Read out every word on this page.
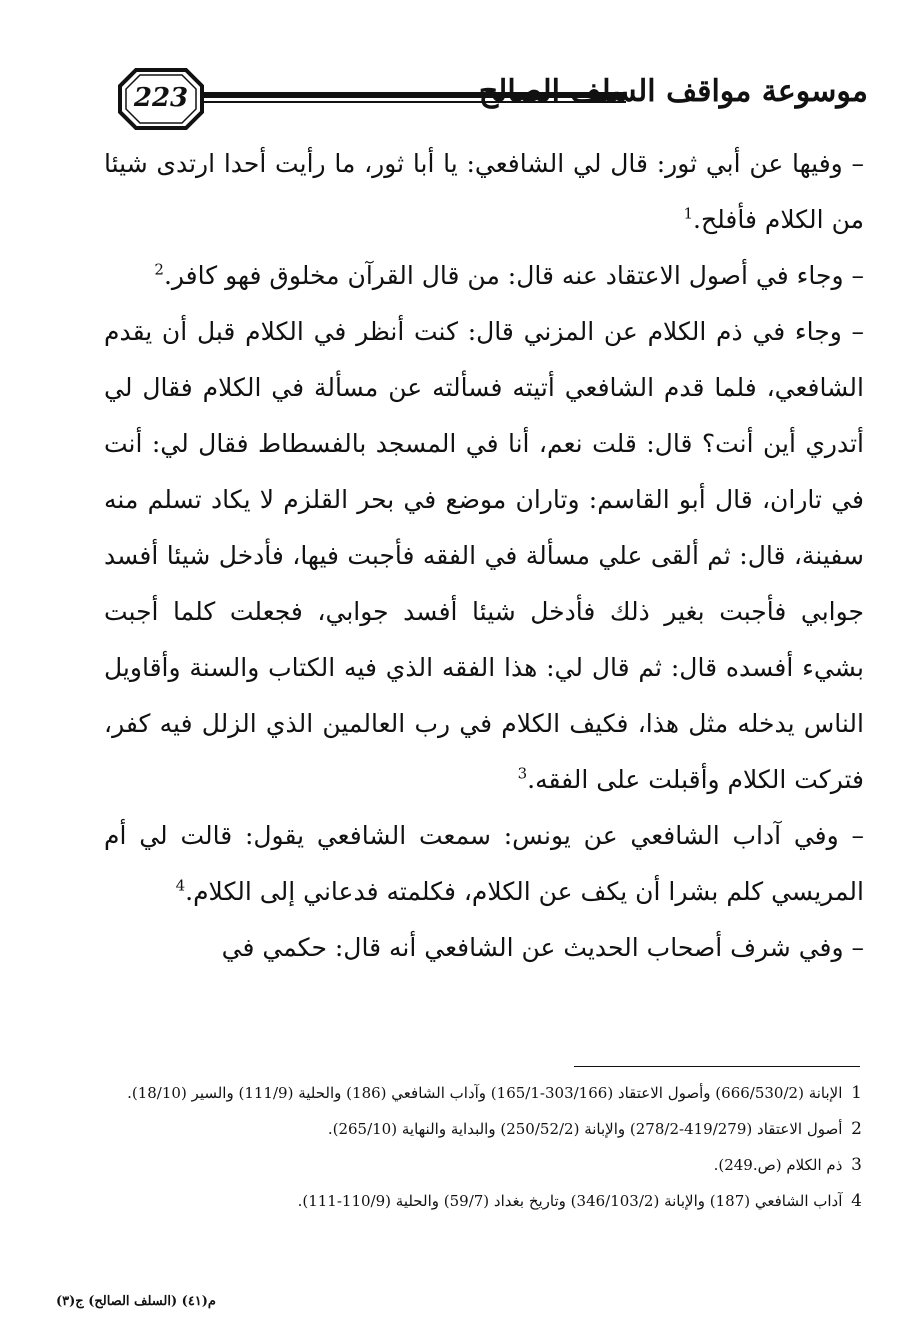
223	موسوعة مواقف السلف الصالح

– وفيها عن أبي ثور: قال لي الشافعي: يا أبا ثور، ما رأيت أحدا ارتدى شيئا من الكلام فأفلح.$^1$

– وجاء في أصول الاعتقاد عنه قال: من قال القرآن مخلوق فهو كافر.$^2$

– وجاء في ذم الكلام عن المزني قال: كنت أنظر في الكلام قبل أن يقدم الشافعي، فلما قدم الشافعي أتيته فسألته عن مسألة في الكلام فقال لي أتدري أين أنت؟ قال: قلت نعم، أنا في المسجد بالفسطاط فقال لي: أنت في تاران، قال أبو القاسم: وتاران موضع في بحر القلزم لا يكاد تسلم منه سفينة، قال: ثم ألقى علي مسألة في الفقه فأجبت فيها، فأدخل شيئا أفسد جوابي فأجبت بغير ذلك فأدخل شيئا أفسد جوابي، فجعلت كلما أجبت بشيء أفسده قال: ثم قال لي: هذا الفقه الذي فيه الكتاب والسنة وأقاويل الناس يدخله مثل هذا، فكيف الكلام في رب العالمين الذي الزلل فيه كفر، فتركت الكلام وأقبلت على الفقه.$^3$

– وفي آداب الشافعي عن يونس: سمعت الشافعي يقول: قالت لي أم المريسي كلم بشرا أن يكف عن الكلام، فكلمته فدعاني إلى الكلام.$^4$

– وفي شرف أصحاب الحديث عن الشافعي أنه قال: حكمي في

1 الإبانة (666/530/2) وأصول الاعتقاد (303/166-165/1) وآداب الشافعي (186) والحلية (111/9) والسير (18/10).

2 أصول الاعتقاد (419/279-278/2) والإبانة (250/52/2) والبداية والنهاية (265/10).

3 ذم الكلام (ص.249).

4 آداب الشافعي (187) والإبانة (346/103/2) وتاريخ بغداد (59/7) والحلية (110/9-111).

م(٤١) (السلف الصالح) ج(٣)
